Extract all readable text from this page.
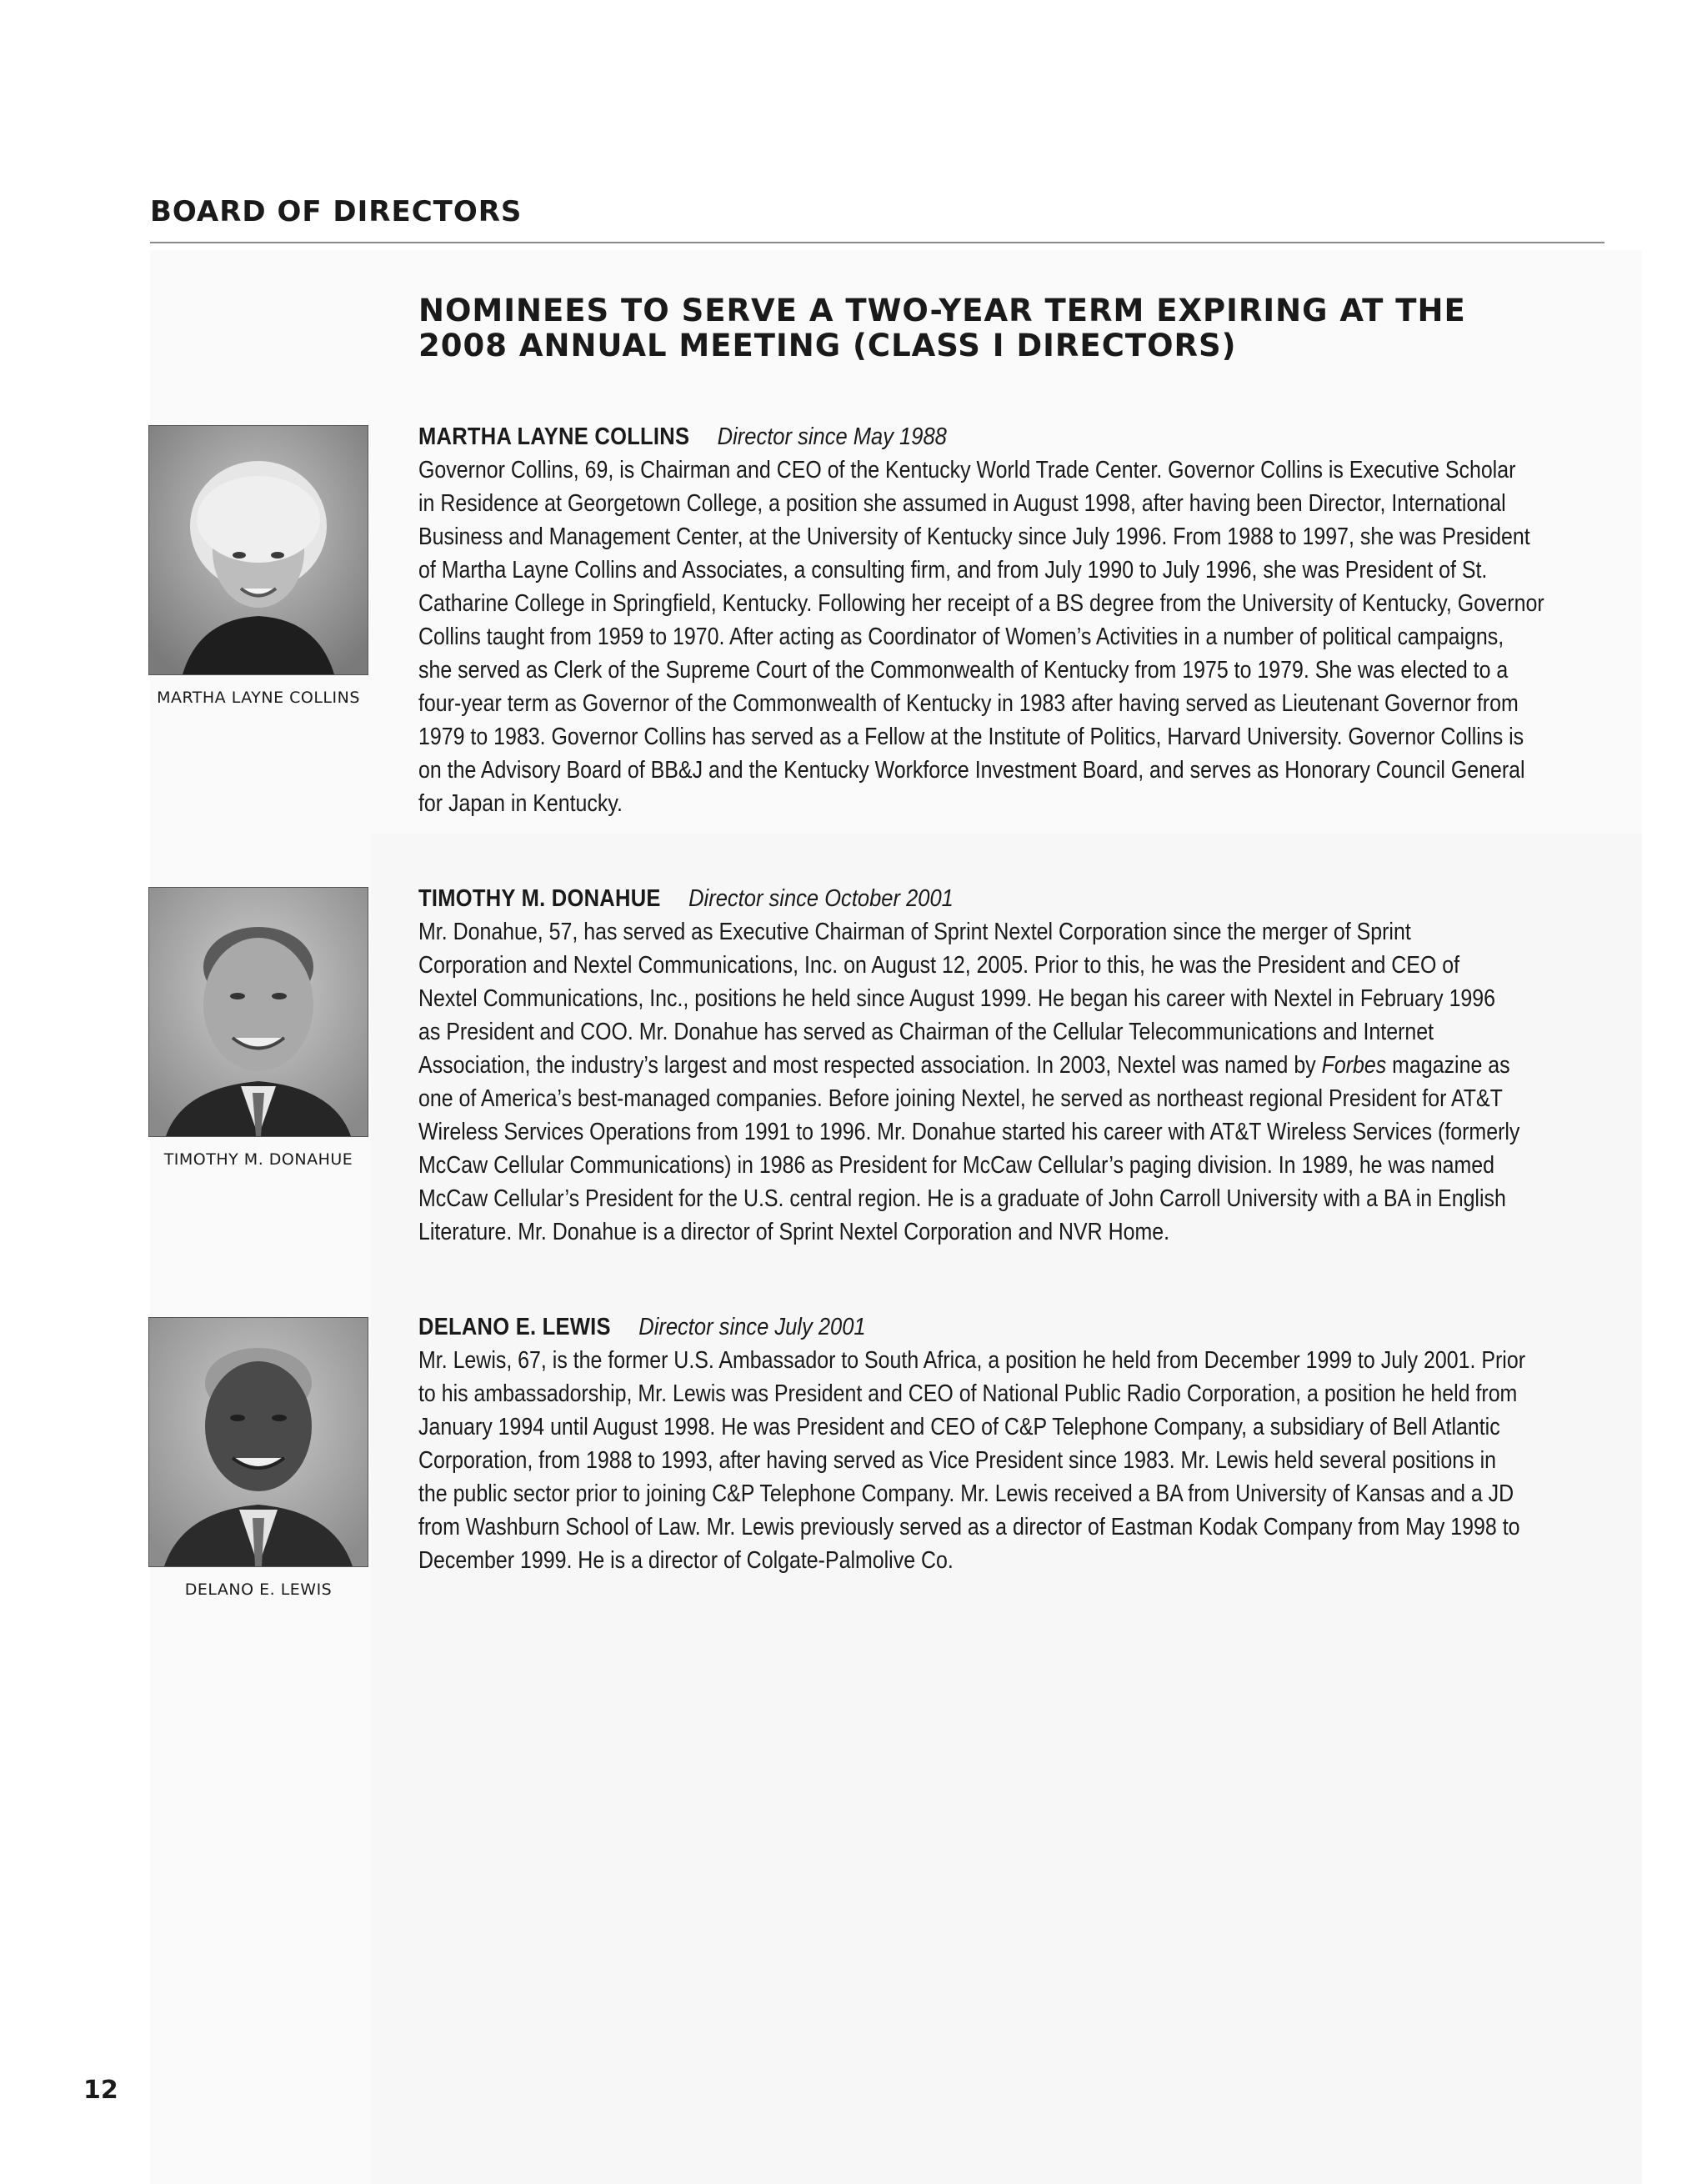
BOARD OF DIRECTORS
NOMINEES TO SERVE A TWO-YEAR TERM EXPIRING AT THE
2008 ANNUAL MEETING (CLASS I DIRECTORS)
MARTHA LAYNE COLLINS
MARTHA LAYNE COLLINS Director since May 1988
Governor Collins, 69, is Chairman and CEO of the Kentucky World Trade Center. Governor Collins is Executive Scholar
in Residence at Georgetown College, a position she assumed in August 1998, after having been Director, International
Business and Management Center, at the University of Kentucky since July 1996. From 1988 to 1997, she was President
of Martha Layne Collins and Associates, a consulting firm, and from July 1990 to July 1996, she was President of St.
Catharine College in Springfield, Kentucky. Following her receipt of a BS degree from the University of Kentucky, Governor
Collins taught from 1959 to 1970. After acting as Coordinator of Women’s Activities in a number of political campaigns,
she served as Clerk of the Supreme Court of the Commonwealth of Kentucky from 1975 to 1979. She was elected to a
four-year term as Governor of the Commonwealth of Kentucky in 1983 after having served as Lieutenant Governor from
1979 to 1983. Governor Collins has served as a Fellow at the Institute of Politics, Harvard University. Governor Collins is
on the Advisory Board of BB&J and the Kentucky Workforce Investment Board, and serves as Honorary Council General
for Japan in Kentucky.
TIMOTHY M. DONAHUE
TIMOTHY M. DONAHUE Director since October 2001
Mr. Donahue, 57, has served as Executive Chairman of Sprint Nextel Corporation since the merger of Sprint
Corporation and Nextel Communications, Inc. on August 12, 2005. Prior to this, he was the President and CEO of
Nextel Communications, Inc., positions he held since August 1999. He began his career with Nextel in February 1996
as President and COO. Mr. Donahue has served as Chairman of the Cellular Telecommunications and Internet
Association, the industry’s largest and most respected association. In 2003, Nextel was named by Forbes magazine as
one of America’s best-managed companies. Before joining Nextel, he served as northeast regional President for AT&T
Wireless Services Operations from 1991 to 1996. Mr. Donahue started his career with AT&T Wireless Services (formerly
McCaw Cellular Communications) in 1986 as President for McCaw Cellular’s paging division. In 1989, he was named
McCaw Cellular’s President for the U.S. central region. He is a graduate of John Carroll University with a BA in English
Literature. Mr. Donahue is a director of Sprint Nextel Corporation and NVR Home.
DELANO E. LEWIS
DELANO E. LEWIS Director since July 2001
Mr. Lewis, 67, is the former U.S. Ambassador to South Africa, a position he held from December 1999 to July 2001. Prior
to his ambassadorship, Mr. Lewis was President and CEO of National Public Radio Corporation, a position he held from
January 1994 until August 1998. He was President and CEO of C&P Telephone Company, a subsidiary of Bell Atlantic
Corporation, from 1988 to 1993, after having served as Vice President since 1983. Mr. Lewis held several positions in
the public sector prior to joining C&P Telephone Company. Mr. Lewis received a BA from University of Kansas and a JD
from Washburn School of Law. Mr. Lewis previously served as a director of Eastman Kodak Company from May 1998 to
December 1999. He is a director of Colgate-Palmolive Co.
12
